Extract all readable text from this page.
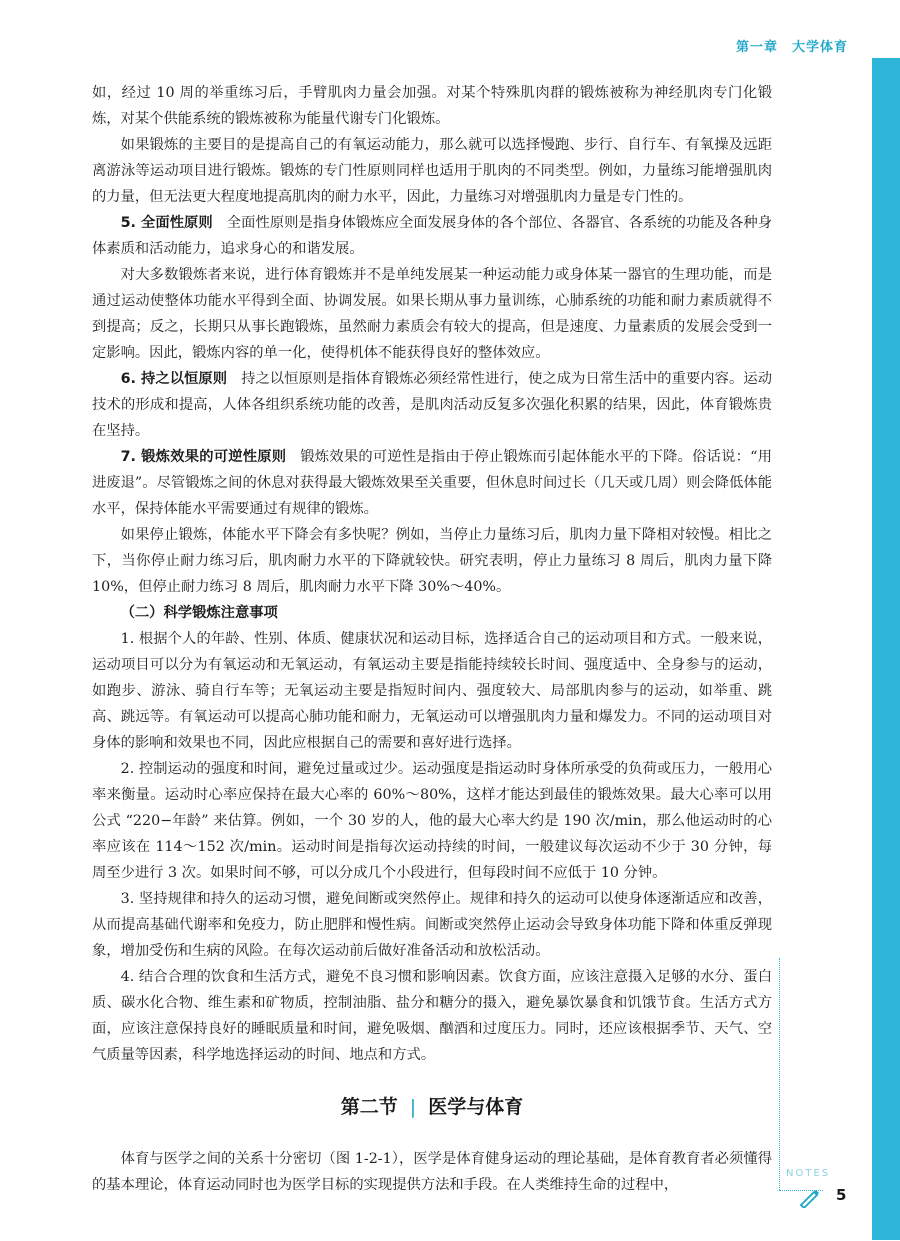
第一章 大学体育

如，经过 10 周的举重练习后，手臂肌肉力量会加强。对某个特殊肌肉群的锻炼被称为神经肌肉专门化锻炼，对某个供能系统的锻炼被称为能量代谢专门化锻炼。

如果锻炼的主要目的是提高自己的有氧运动能力，那么就可以选择慢跑、步行、自行车、有氧操及远距离游泳等运动项目进行锻炼。锻炼的专门性原则同样也适用于肌肉的不同类型。例如，力量练习能增强肌肉的力量，但无法更大程度地提高肌肉的耐力水平，因此，力量练习对增强肌肉力量是专门性的。

5. 全面性原则 全面性原则是指身体锻炼应全面发展身体的各个部位、各器官、各系统的功能及各种身体素质和活动能力，追求身心的和谐发展。

对大多数锻炼者来说，进行体育锻炼并不是单纯发展某一种运动能力或身体某一器官的生理功能，而是通过运动使整体功能水平得到全面、协调发展。如果长期从事力量训练，心肺系统的功能和耐力素质就得不到提高；反之，长期只从事长跑锻炼，虽然耐力素质会有较大的提高，但是速度、力量素质的发展会受到一定影响。因此，锻炼内容的单一化，使得机体不能获得良好的整体效应。

6. 持之以恒原则 持之以恒原则是指体育锻炼必须经常性进行，使之成为日常生活中的重要内容。运动技术的形成和提高，人体各组织系统功能的改善，是肌肉活动反复多次强化积累的结果，因此，体育锻炼贵在坚持。

7. 锻炼效果的可逆性原则 锻炼效果的可逆性是指由于停止锻炼而引起体能水平的下降。俗话说：“用进废退”。尽管锻炼之间的休息对获得最大锻炼效果至关重要，但休息时间过长（几天或几周）则会降低体能水平，保持体能水平需要通过有规律的锻炼。

如果停止锻炼，体能水平下降会有多快呢？例如，当停止力量练习后，肌肉力量下降相对较慢。相比之下，当你停止耐力练习后，肌肉耐力水平的下降就较快。研究表明，停止力量练习 8 周后，肌肉力量下降 10%，但停止耐力练习 8 周后，肌肉耐力水平下降 30%～40%。

（二）科学锻炼注意事项

1. 根据个人的年龄、性别、体质、健康状况和运动目标，选择适合自己的运动项目和方式。一般来说，运动项目可以分为有氧运动和无氧运动，有氧运动主要是指能持续较长时间、强度适中、全身参与的运动，如跑步、游泳、骑自行车等；无氧运动主要是指短时间内、强度较大、局部肌肉参与的运动，如举重、跳高、跳远等。有氧运动可以提高心肺功能和耐力，无氧运动可以增强肌肉力量和爆发力。不同的运动项目对身体的影响和效果也不同，因此应根据自己的需要和喜好进行选择。

2. 控制运动的强度和时间，避免过量或过少。运动强度是指运动时身体所承受的负荷或压力，一般用心率来衡量。运动时心率应保持在最大心率的 60%～80%，这样才能达到最佳的锻炼效果。最大心率可以用公式 “220−年龄” 来估算。例如，一个 30 岁的人，他的最大心率大约是 190 次/min，那么他运动时的心率应该在 114～152 次/min。运动时间是指每次运动持续的时间，一般建议每次运动不少于 30 分钟，每周至少进行 3 次。如果时间不够，可以分成几个小段进行，但每段时间不应低于 10 分钟。

3. 坚持规律和持久的运动习惯，避免间断或突然停止。规律和持久的运动可以使身体逐渐适应和改善，从而提高基础代谢率和免疫力，防止肥胖和慢性病。间断或突然停止运动会导致身体功能下降和体重反弹现象，增加受伤和生病的风险。在每次运动前后做好准备活动和放松活动。

4. 结合合理的饮食和生活方式，避免不良习惯和影响因素。饮食方面，应该注意摄入足够的水分、蛋白质、碳水化合物、维生素和矿物质，控制油脂、盐分和糖分的摄入，避免暴饮暴食和饥饿节食。生活方式方面，应该注意保持良好的睡眠质量和时间，避免吸烟、酗酒和过度压力。同时，还应该根据季节、天气、空气质量等因素，科学地选择运动的时间、地点和方式。

第二节 | 医学与体育

体育与医学之间的关系十分密切（图 1-2-1），医学是体育健身运动的理论基础，是体育教育者必须懂得的基本理论，体育运动同时也为医学目标的实现提供方法和手段。在人类维持生命的过程中，

NOTES
5
